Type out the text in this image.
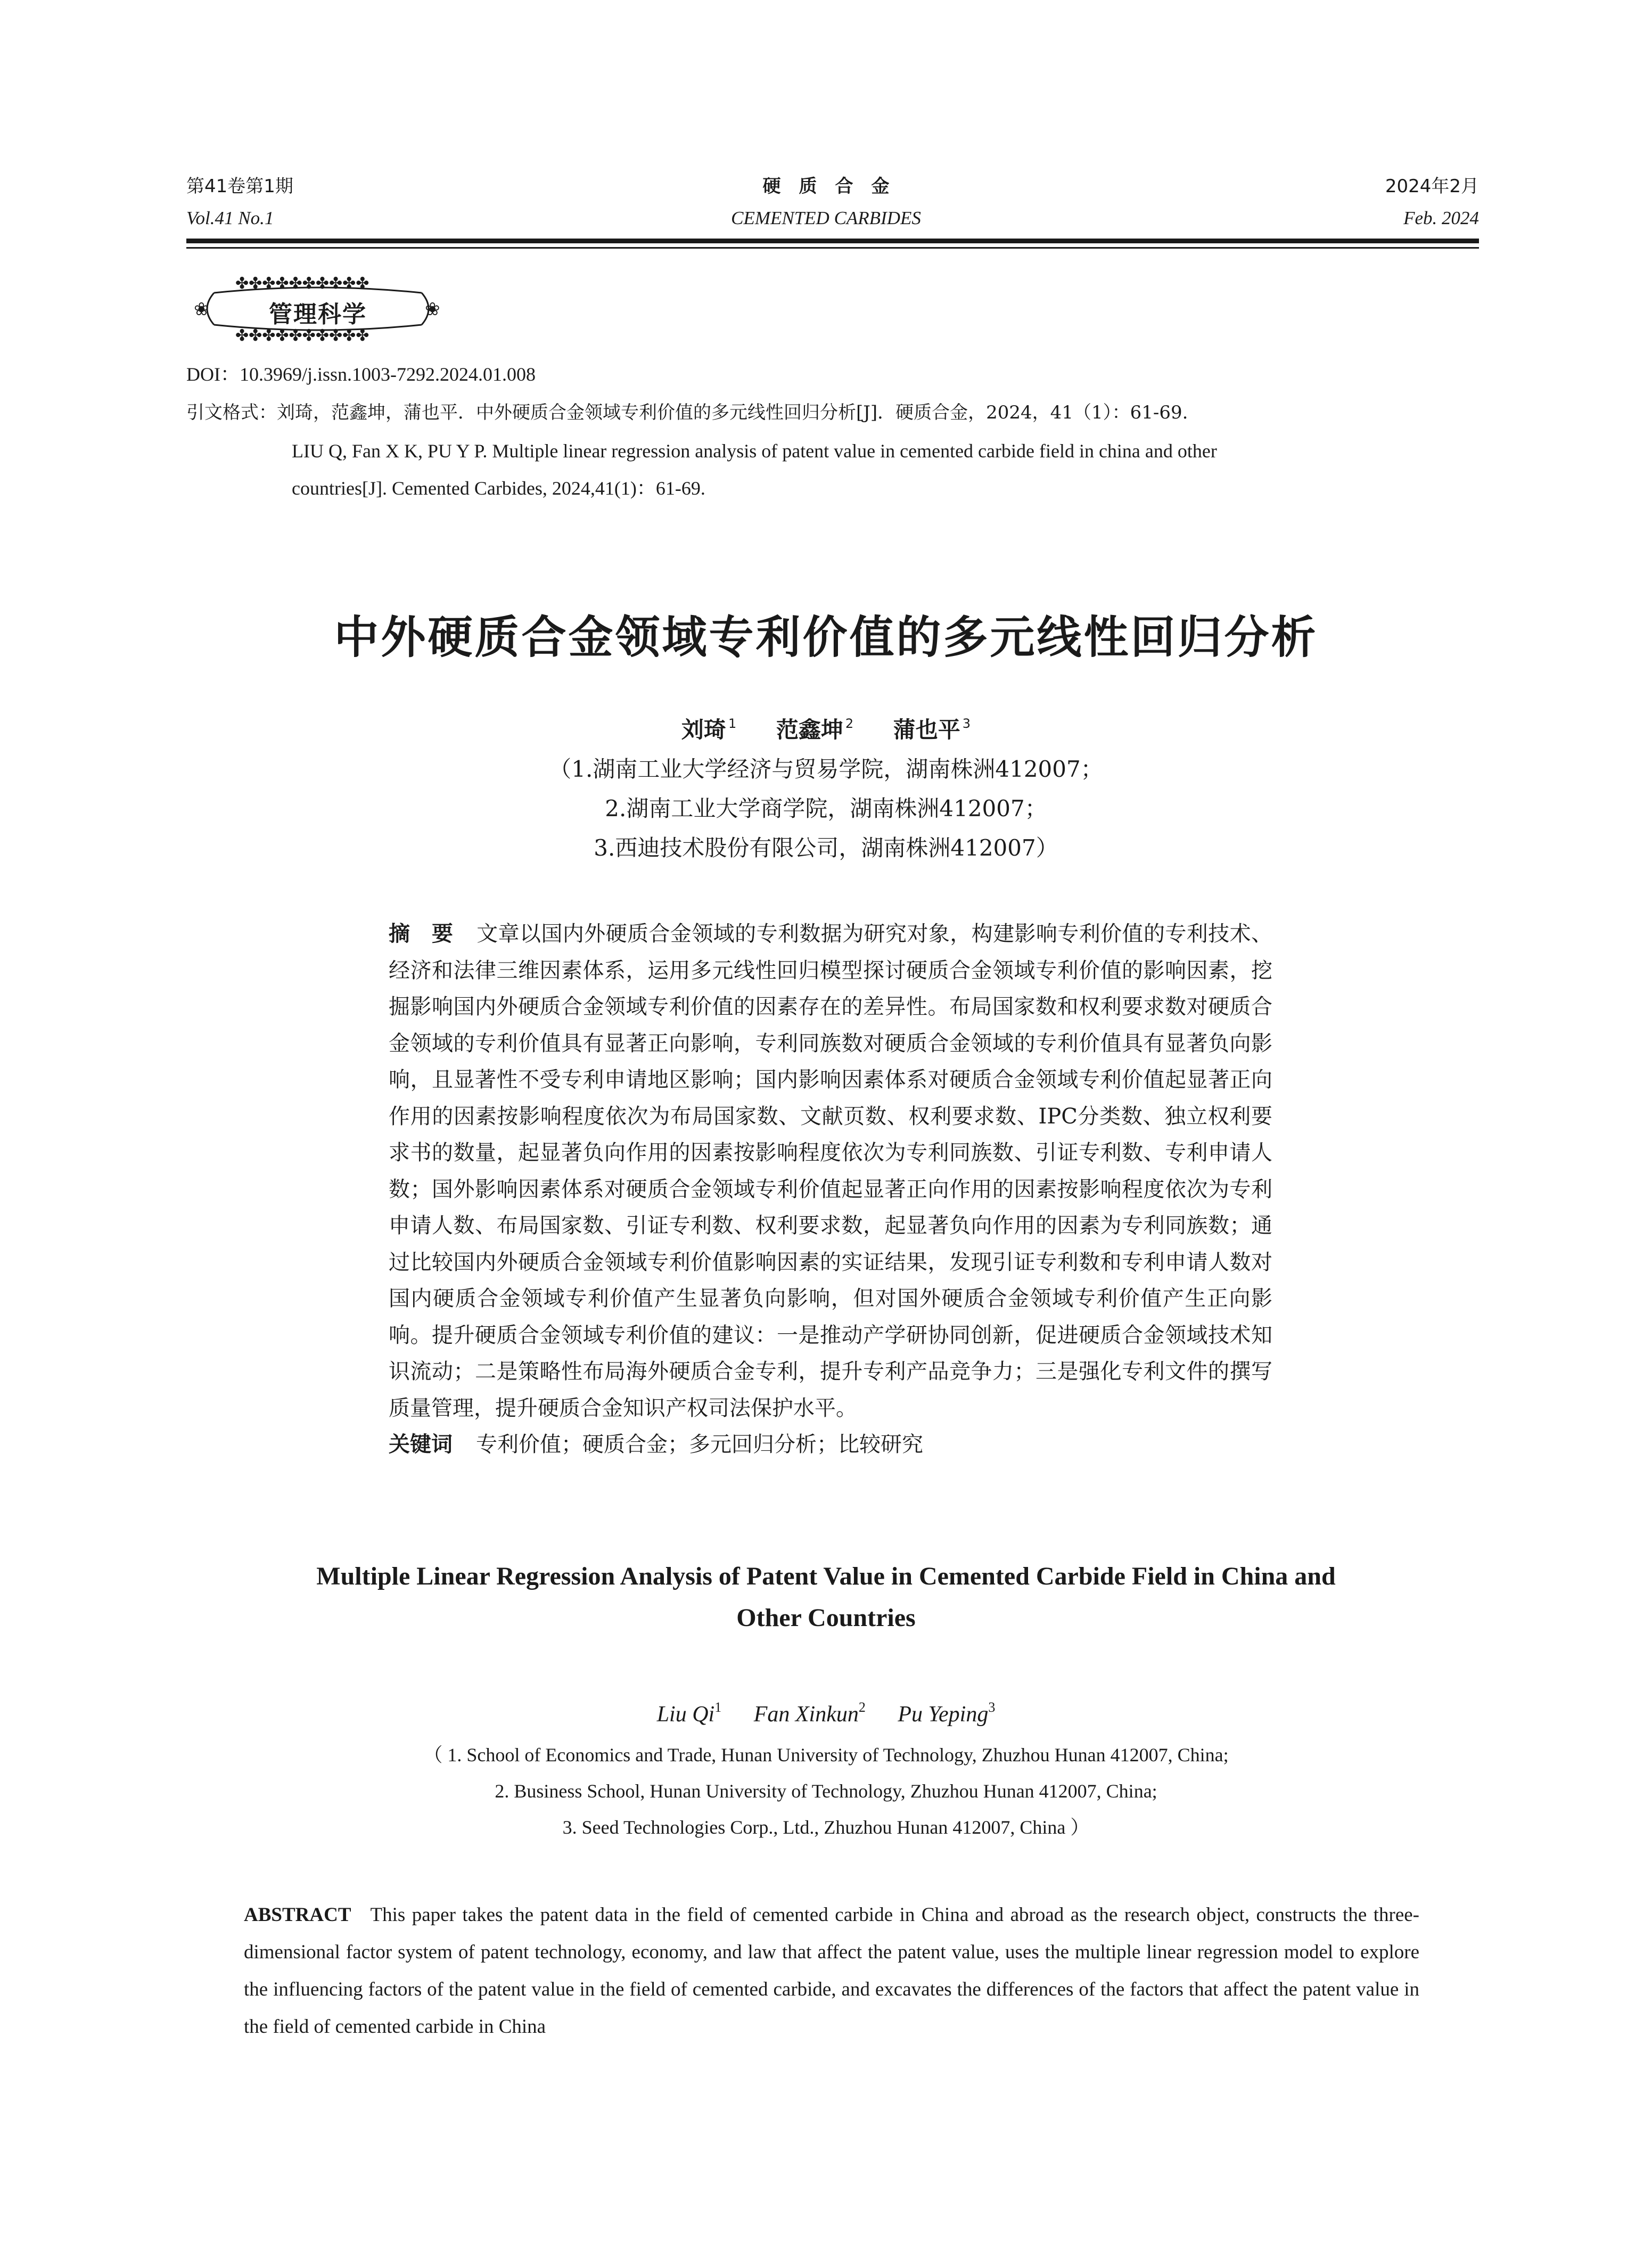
第41卷第1期
Vol.41 No.1
硬　质　合　金
CEMENTED CARBIDES
2024年2月
Feb. 2024
✤✤✤✤✤✤✤✤✤✤
✤✤✤✤✤✤✤✤✤✤
❀	❀
管理科学
DOI：10.3969/j.issn.1003-7292.2024.01.008
引文格式：刘琦，范鑫坤，蒲也平．中外硬质合金领域专利价值的多元线性回归分析[J]．硬质合金，2024，41（1）：61-69.
LIU Q, Fan X K, PU Y P. Multiple linear regression analysis of patent value in cemented carbide field in china and other
countries[J]. Cemented Carbides, 2024,41(1)：61-69.
中外硬质合金领域专利价值的多元线性回归分析
刘琦 $^1$ 范鑫坤 $^2$ 蒲也平 $^3$
（1.湖南工业大学经济与贸易学院，湖南株洲412007；
2.湖南工业大学商学院，湖南株洲412007；
3.西迪技术股份有限公司，湖南株洲412007）
摘　要 文章以国内外硬质合金领域的专利数据为研究对象，构建影响专利价值的专利技术、经济和法律三维因素体系，运用多元线性回归模型探讨硬质合金领域专利价值的影响因素，挖掘影响国内外硬质合金领域专利价值的因素存在的差异性。布局国家数和权利要求数对硬质合金领域的专利价值具有显著正向影响，专利同族数对硬质合金领域的专利价值具有显著负向影响，且显著性不受专利申请地区影响；国内影响因素体系对硬质合金领域专利价值起显著正向作用的因素按影响程度依次为布局国家数、文献页数、权利要求数、IPC分类数、独立权利要求书的数量，起显著负向作用的因素按影响程度依次为专利同族数、引证专利数、专利申请人数；国外影响因素体系对硬质合金领域专利价值起显著正向作用的因素按影响程度依次为专利申请人数、布局国家数、引证专利数、权利要求数，起显著负向作用的因素为专利同族数；通过比较国内外硬质合金领域专利价值影响因素的实证结果，发现引证专利数和专利申请人数对国内硬质合金领域专利价值产生显著负向影响，但对国外硬质合金领域专利价值产生正向影响。提升硬质合金领域专利价值的建议：一是推动产学研协同创新，促进硬质合金领域技术知识流动；二是策略性布局海外硬质合金专利，提升专利产品竞争力；三是强化专利文件的撰写质量管理，提升硬质合金知识产权司法保护水平。
关键词 专利价值；硬质合金；多元回归分析；比较研究
Multiple Linear Regression Analysis of Patent Value in Cemented Carbide Field in China and
Other Countries
Liu Qi$^1$ Fan Xinkun$^2$ Pu Yeping$^3$
（ 1. School of Economics and Trade, Hunan University of Technology, Zhuzhou Hunan 412007, China;
2. Business School, Hunan University of Technology, Zhuzhou Hunan 412007, China;
3. Seed Technologies Corp., Ltd., Zhuzhou Hunan 412007, China ）
ABSTRACT This paper takes the patent data in the field of cemented carbide in China and abroad as the research object, constructs the three-dimensional factor system of patent technology, economy, and law that affect the patent value, uses the multiple linear regression model to explore the influencing factors of the patent value in the field of cemented carbide, and excavates the differences of the factors that affect the patent value in the field of cemented carbide in China
